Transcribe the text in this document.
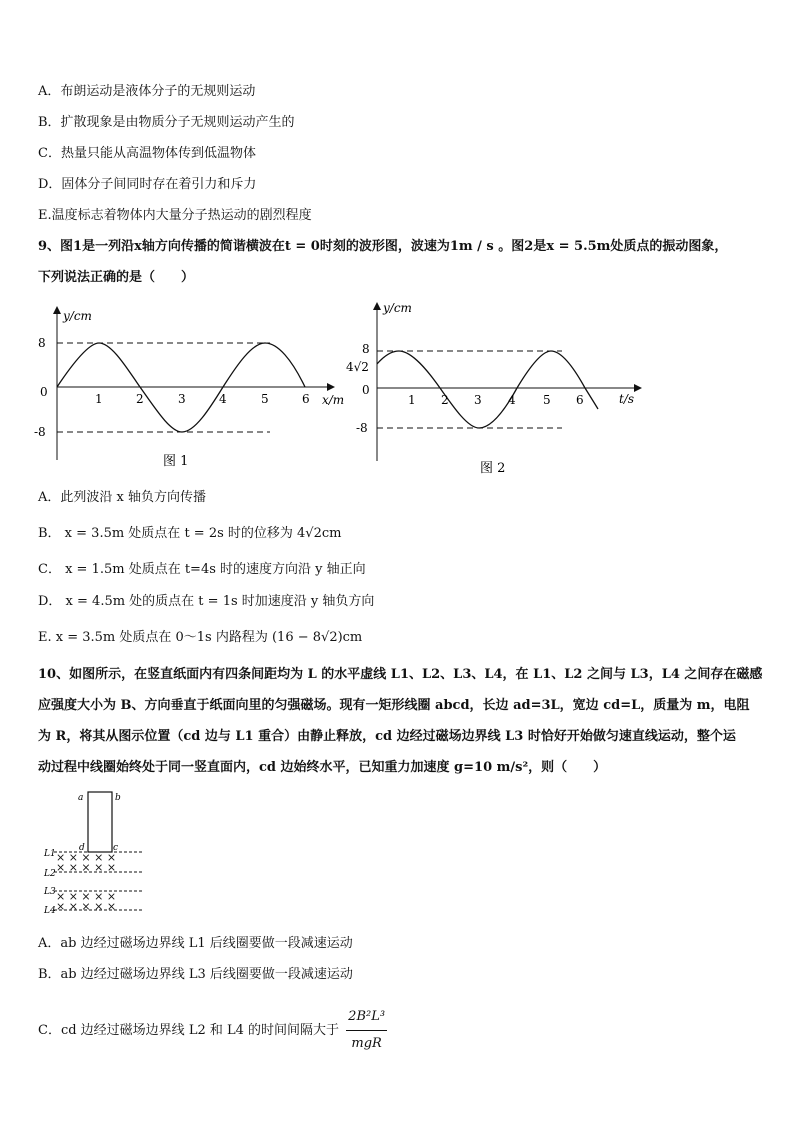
A．布朗运动是液体分子的无规则运动
B．扩散现象是由物质分子无规则运动产生的
C．热量只能从高温物体传到低温物体
D．固体分子间同时存在着引力和斥力
E.温度标志着物体内大量分子热运动的剧烈程度
9、图1是一列沿x轴方向传播的简谐横波在t = 0时刻的波形图，波速为1m / s 。图2是x = 5.5m处质点的振动图象，
下列说法正确的是（　　）
y/cm
x/m
8
0
-8
1	2	3	4	5	6
图 1
y/cm
t/s
8
4√2
0
-8
1 2 3 4 5 6
图 2
A．此列波沿 x 轴负方向传播
B． x = 3.5m 处质点在 t = 2s 时的位移为 4√2cm
C． x = 1.5m 处质点在 t=4s 时的速度方向沿 y 轴正向
D． x = 4.5m 处的质点在 t = 1s 时加速度沿 y 轴负方向
E. x = 3.5m 处质点在 0～1s 内路程为 (16 − 8√2)cm
10、如图所示，在竖直纸面内有四条间距均为 L 的水平虚线 L1、L2、L3、L4，在 L1、L2 之间与 L3，L4 之间存在磁感
应强度大小为 B、方向垂直于纸面向里的匀强磁场。现有一矩形线圈 abcd，长边 ad=3L，宽边 cd=L，质量为 m，电阻
为 R，将其从图示位置（cd 边与 L1 重合）由静止释放，cd 边经过磁场边界线 L3 时恰好开始做匀速直线运动，整个运
动过程中线圈始终处于同一竖直面内，cd 边始终水平，已知重力加速度 g=10 m/s²，则（　　）
a	b
c
d
L1
L2
L3
L4
× × × × ×
× × × × ×
× × × × ×
× × × × ×
A．ab 边经过磁场边界线 L1 后线圈要做一段减速运动
B．ab 边经过磁场边界线 L3 后线圈要做一段减速运动
C．cd 边经过磁场边界线 L2 和 L4 的时间间隔大于 $\frac{\text{2B²L³}}{\text{mgR}}$
